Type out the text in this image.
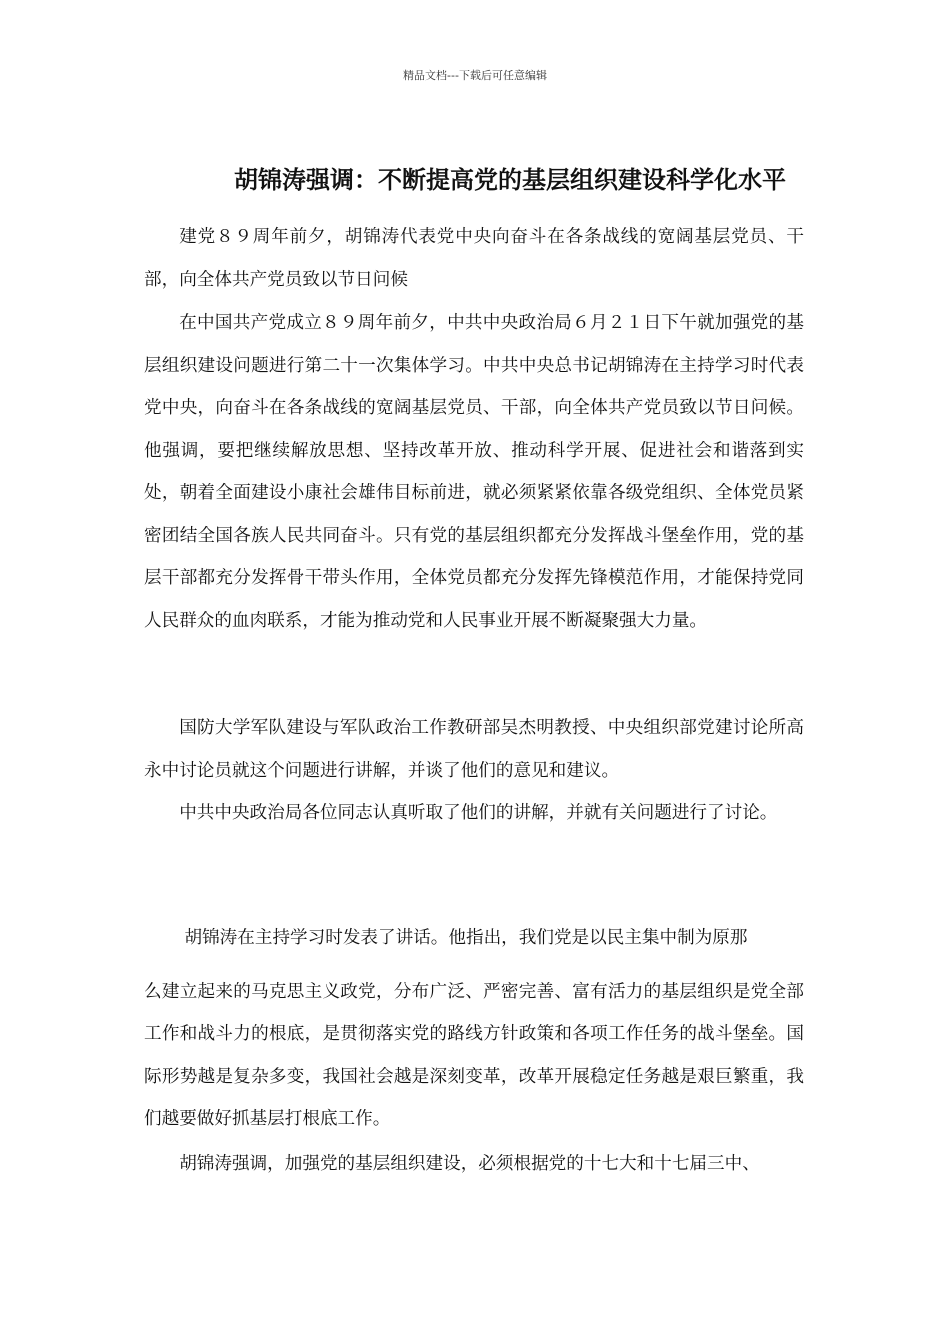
精品文档---下载后可任意编辑
胡锦涛强调：不断提高党的基层组织建设科学化水平

建党８９周年前夕，胡锦涛代表党中央向奋斗在各条战线的宽阔基层党员、干部，向全体共产党员致以节日问候

在中国共产党成立８９周年前夕，中共中央政治局６月２１日下午就加强党的基层组织建设问题进行第二十一次集体学习。中共中央总书记胡锦涛在主持学习时代表党中央，向奋斗在各条战线的宽阔基层党员、干部，向全体共产党员致以节日问候。他强调，要把继续解放思想、坚持改革开放、推动科学开展、促进社会和谐落到实处，朝着全面建设小康社会雄伟目标前进，就必须紧紧依靠各级党组织、全体党员紧密团结全国各族人民共同奋斗。只有党的基层组织都充分发挥战斗堡垒作用，党的基层干部都充分发挥骨干带头作用，全体党员都充分发挥先锋模范作用，才能保持党同人民群众的血肉联系，才能为推动党和人民事业开展不断凝聚强大力量。

国防大学军队建设与军队政治工作教研部吴杰明教授、中央组织部党建讨论所高永中讨论员就这个问题进行讲解，并谈了他们的意见和建议。

中共中央政治局各位同志认真听取了他们的讲解，并就有关问题进行了讨论。

胡锦涛在主持学习时发表了讲话。他指出，我们党是以民主集中制为原那
么建立起来的马克思主义政党，分布广泛、严密完善、富有活力的基层组织是党全部工作和战斗力的根底，是贯彻落实党的路线方针政策和各项工作任务的战斗堡垒。国际形势越是复杂多变，我国社会越是深刻变革，改革开展稳定任务越是艰巨繁重，我们越要做好抓基层打根底工作。

胡锦涛强调，加强党的基层组织建设，必须根据党的十七大和十七届三中、
